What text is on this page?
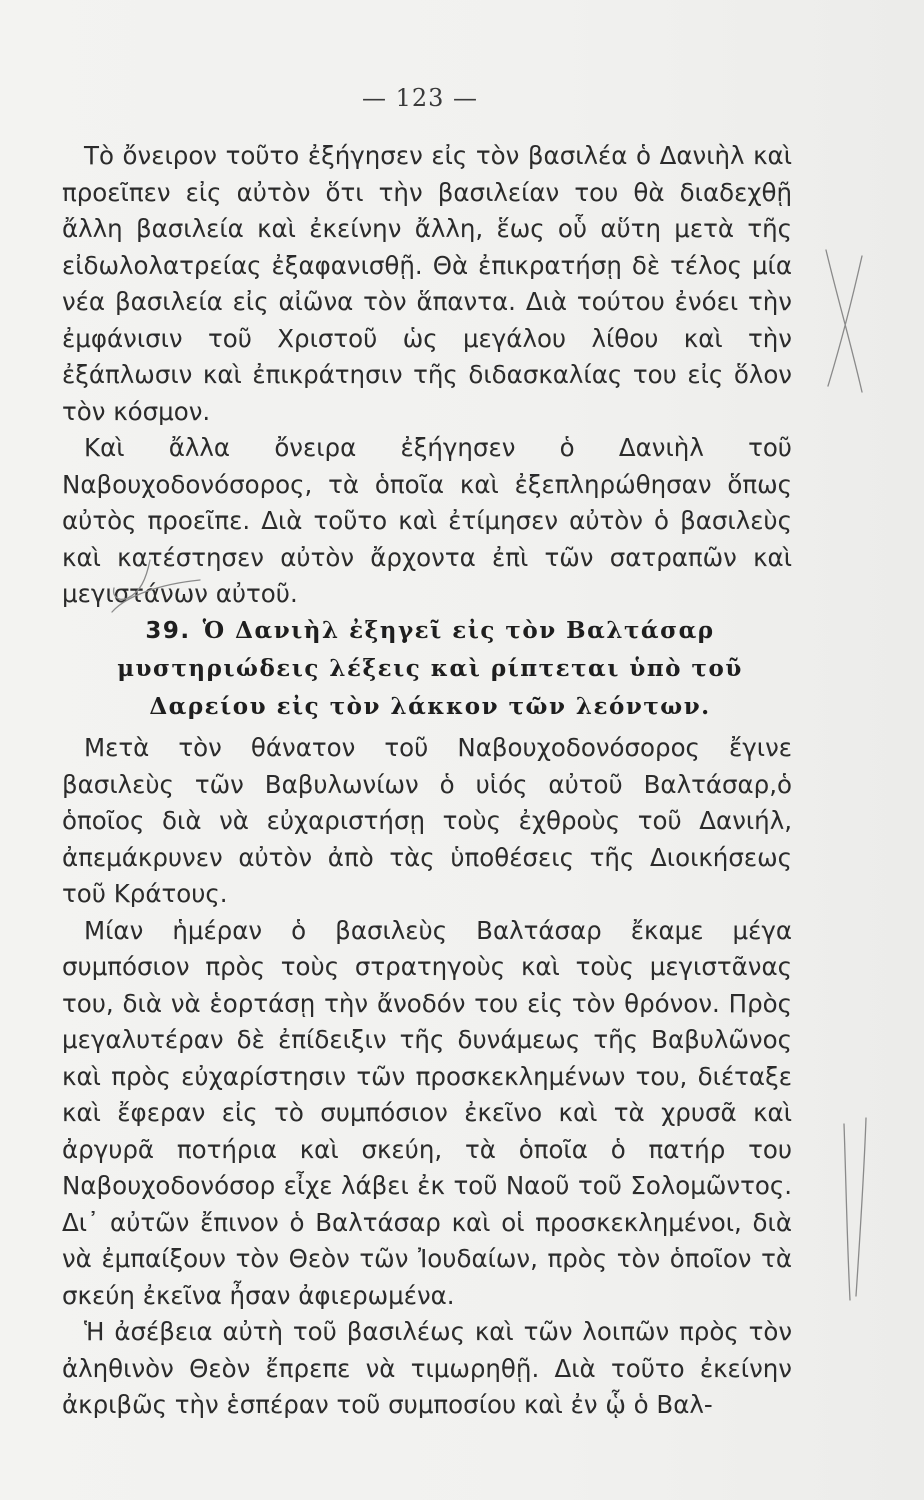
— 123 —

Τὸ ὄνειρον τοῦτο ἐξήγησεν εἰς τὸν βασιλέα ὁ Δανιὴλ καὶ προεῖπεν εἰς αὐτὸν ὅτι τὴν βασιλείαν του θὰ διαδεχθῇ ἄλλη βασιλεία καὶ ἐκείνην ἄλλη, ἕως οὗ αὕτη μετὰ τῆς εἰδωλολατρείας ἐξαφανισθῇ. Θὰ ἐπικρατήσῃ δὲ τέλος μία νέα βασιλεία εἰς αἰῶνα τὸν ἅπαντα. Διὰ τούτου ἐνόει τὴν ἐμφάνισιν τοῦ Χριστοῦ ὡς μεγάλου λίθου καὶ τὴν ἐξάπλωσιν καὶ ἐπικράτησιν τῆς διδασκαλίας του εἰς ὅλον τὸν κόσμον.

Καὶ ἄλλα ὄνειρα ἐξήγησεν ὁ Δανιὴλ τοῦ Ναβουχοδονόσορος, τὰ ὁποῖα καὶ ἐξεπληρώθησαν ὅπως αὐτὸς προεῖπε. Διὰ τοῦτο καὶ ἐτίμησεν αὐτὸν ὁ βασιλεὺς καὶ κατέστησεν αὐτὸν ἄρχοντα ἐπὶ τῶν σατραπῶν καὶ μεγιστάνων αὐτοῦ.

39. Ὁ Δανιὴλ ἐξηγεῖ εἰς τὸν Βαλτάσαρ μυστηριώδεις λέξεις καὶ ρίπτεται ὑπὸ τοῦ Δαρείου εἰς τὸν λάκκον τῶν λεόντων.

Μετὰ τὸν θάνατον τοῦ Ναβουχοδονόσορος ἔγινε βασιλεὺς τῶν Βαβυλωνίων ὁ υἱός αὐτοῦ Βαλτάσαρ,ὁ ὁποῖος διὰ νὰ εὐχαριστήσῃ τοὺς ἐχθροὺς τοῦ Δανιήλ, ἀπεμάκρυνεν αὐτὸν ἀπὸ τὰς ὑποθέσεις τῆς Διοικήσεως τοῦ Κράτους.

Μίαν ἡμέραν ὁ βασιλεὺς Βαλτάσαρ ἔκαμε μέγα συμπόσιον πρὸς τοὺς στρατηγοὺς καὶ τοὺς μεγιστᾶνας του, διὰ νὰ ἑορτάσῃ τὴν ἄνοδόν του εἰς τὸν θρόνον. Πρὸς μεγαλυτέραν δὲ ἐπίδειξιν τῆς δυνάμεως τῆς Βαβυλῶνος καὶ πρὸς εὐχαρίστησιν τῶν προσκεκλημένων του, διέταξε καὶ ἔφεραν εἰς τὸ συμπόσιον ἐκεῖνο καὶ τὰ χρυσᾶ καὶ ἀργυρᾶ ποτήρια καὶ σκεύη, τὰ ὁποῖα ὁ πατήρ του Ναβουχοδονόσορ εἶχε λάβει ἐκ τοῦ Ναοῦ τοῦ Σολομῶντος. Δι᾿ αὐτῶν ἔπινον ὁ Βαλτάσαρ καὶ οἱ προσκεκλημένοι, διὰ νὰ ἐμπαίξουν τὸν Θεὸν τῶν Ἰουδαίων, πρὸς τὸν ὁποῖον τὰ σκεύη ἐκεῖνα ἦσαν ἀφιερωμένα.

Ἡ ἀσέβεια αὐτὴ τοῦ βασιλέως καὶ τῶν λοιπῶν πρὸς τὸν ἀληθινὸν Θεὸν ἔπρεπε νὰ τιμωρηθῇ. Διὰ τοῦτο ἐκείνην ἀκριβῶς τὴν ἑσπέραν τοῦ συμποσίου καὶ ἐν ᾧ ὁ Βαλ-
